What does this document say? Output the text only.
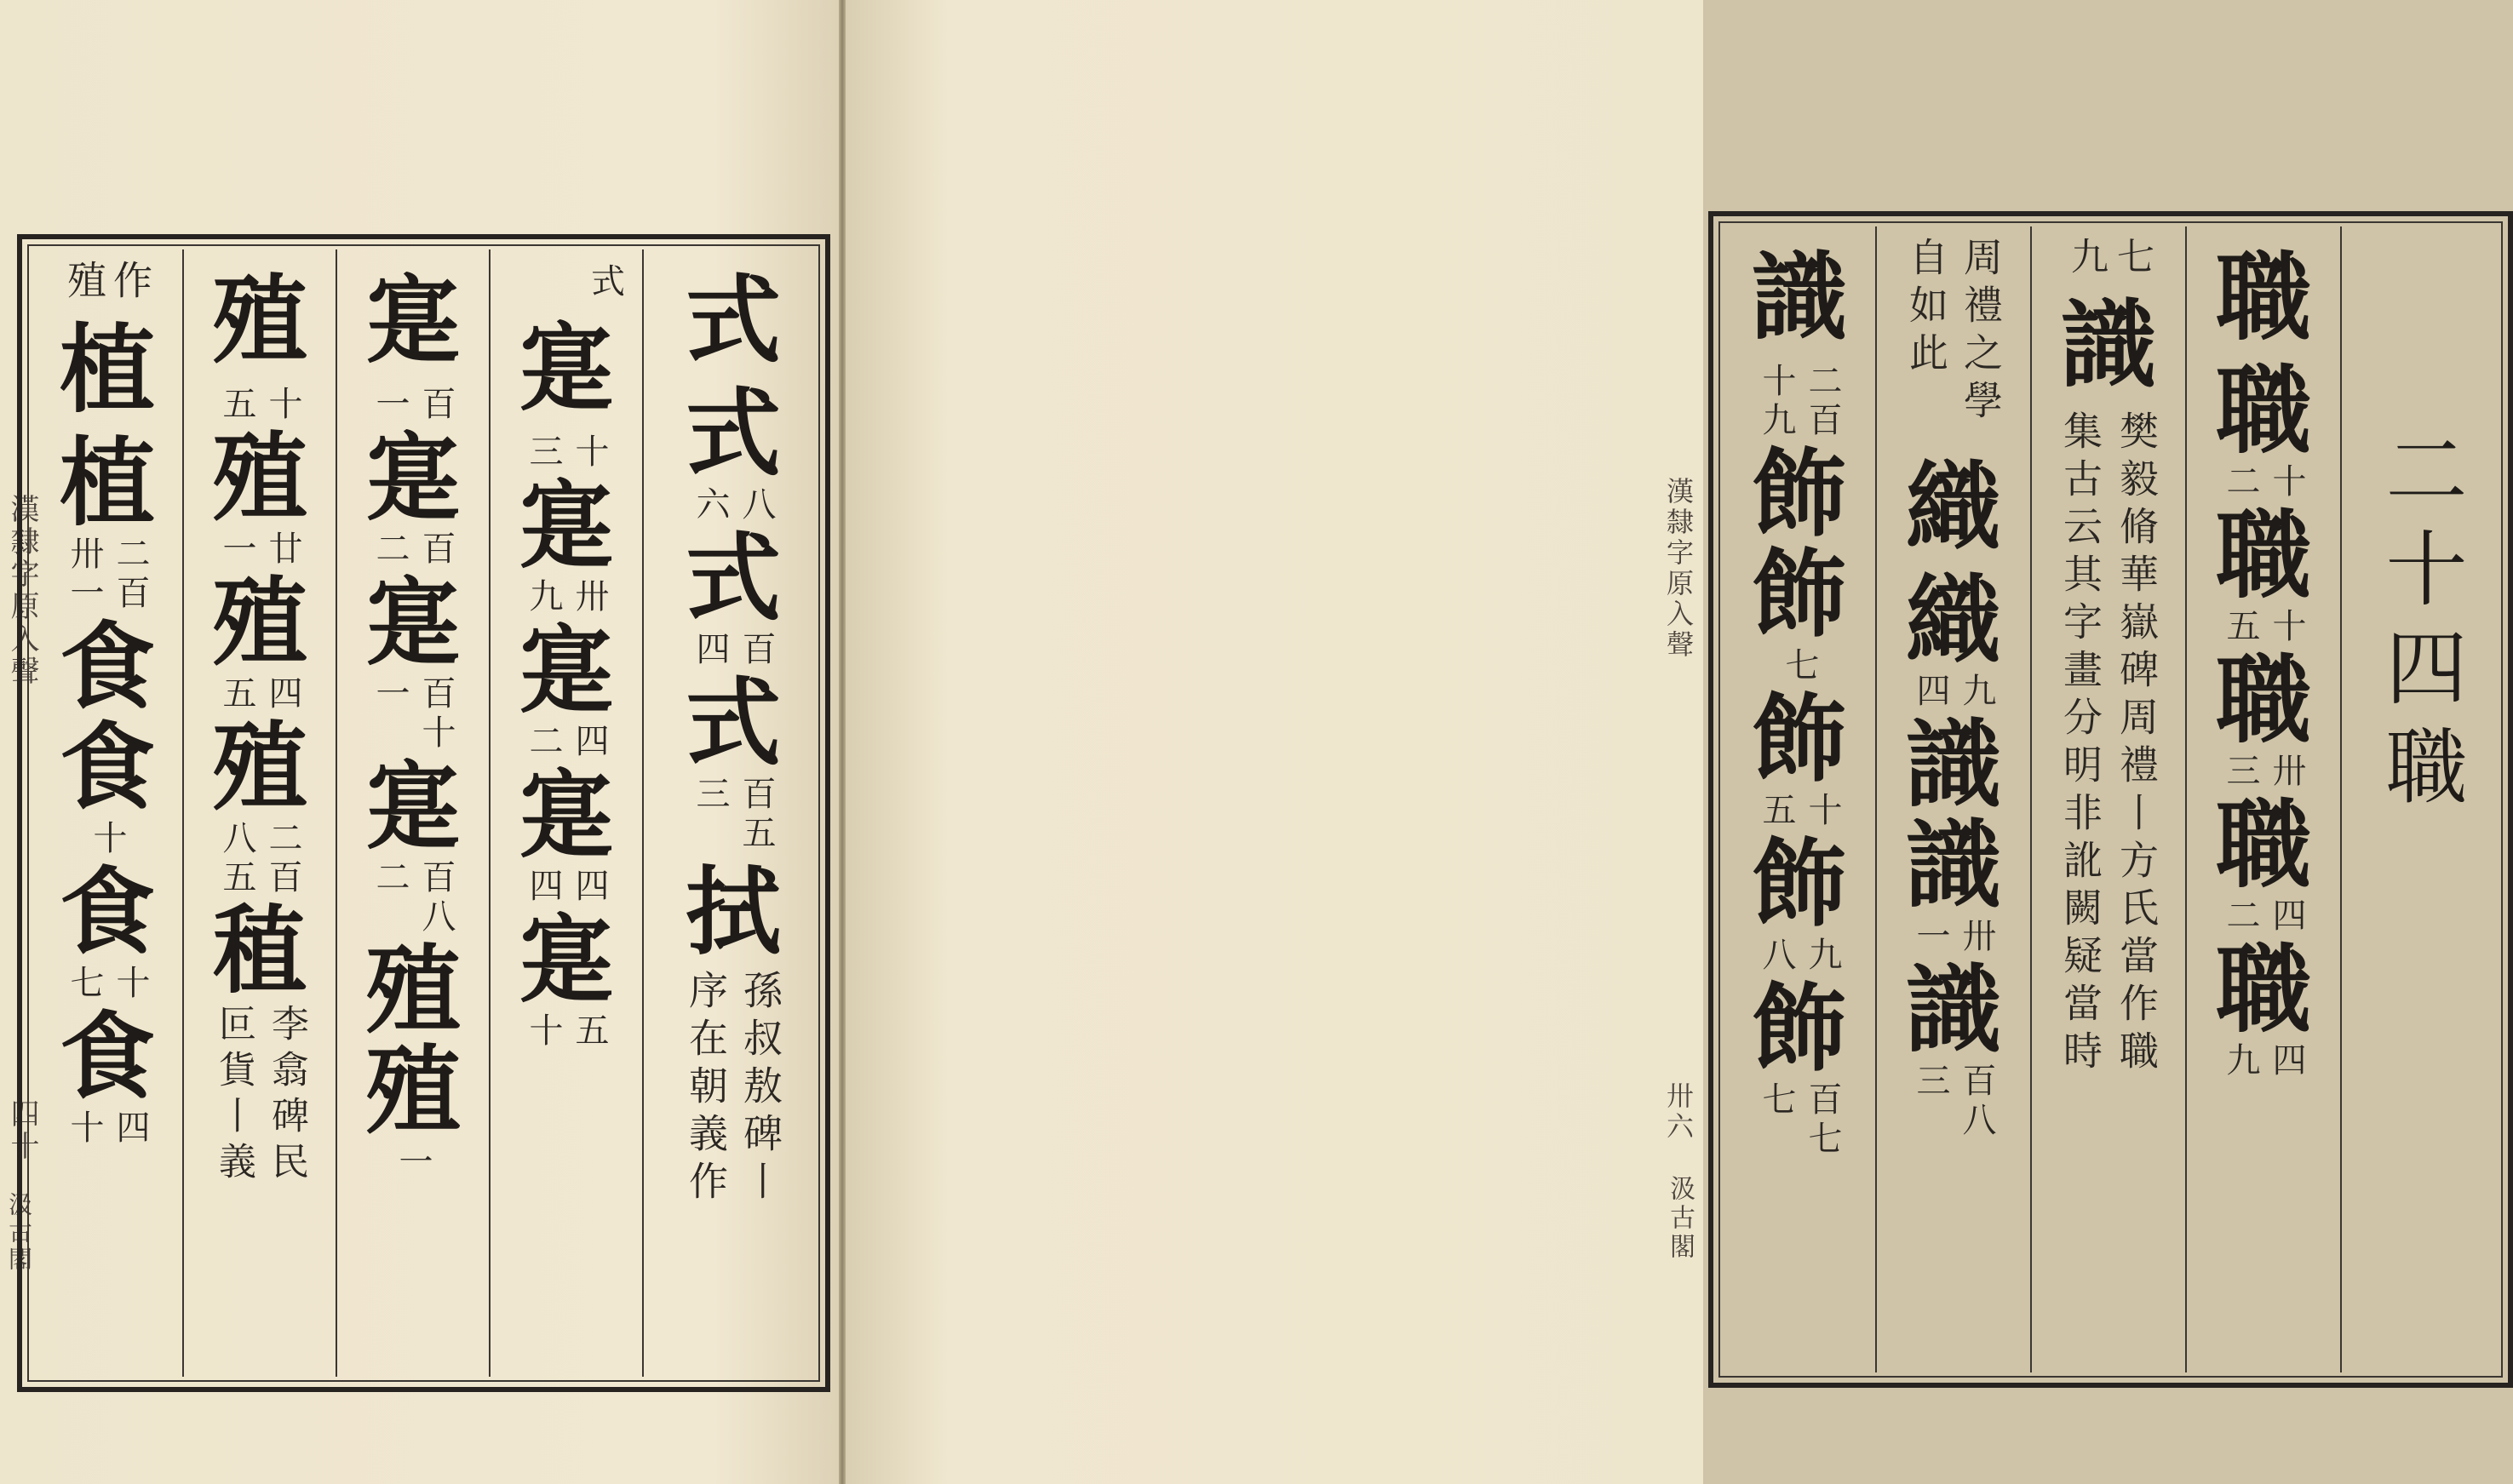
漢隸字原入聲
四十
汲古閣
式
式
八
六
式
百
四
式
百五
三
拭
孫叔敖碑丨
序在朝義作
式
寔
十
三
寔
卅
九
寔
四
二
寔
四
四
寔
五
十
寔
百
一
寔
百
二
寔
百十
一
寔
百八
二
殖
殖
一
殖
十
五
殖
廿
一
殖
四
五
殖
二百
八五
稙
李翕碑民
叵貨丨義
作
殖
植
植
二百
卅一
食
食
十
食
十
七
食
四
十
漢隸字原入聲
卅六
汲古閣
二十四職
職
職
十
二
職
十
五
職
卅
三
職
四
二
職
四
九
七
九
識
樊毅脩華嶽碑周禮丨方氏當作職
集古云其字畫分明非訛闕疑當時
周禮之學
自如此
織
織
九
四
識
識
卅
一
識
百八
三
識
二百
十九
飾
飾
七
飾
十
五
飾
九
八
飾
百七
七
